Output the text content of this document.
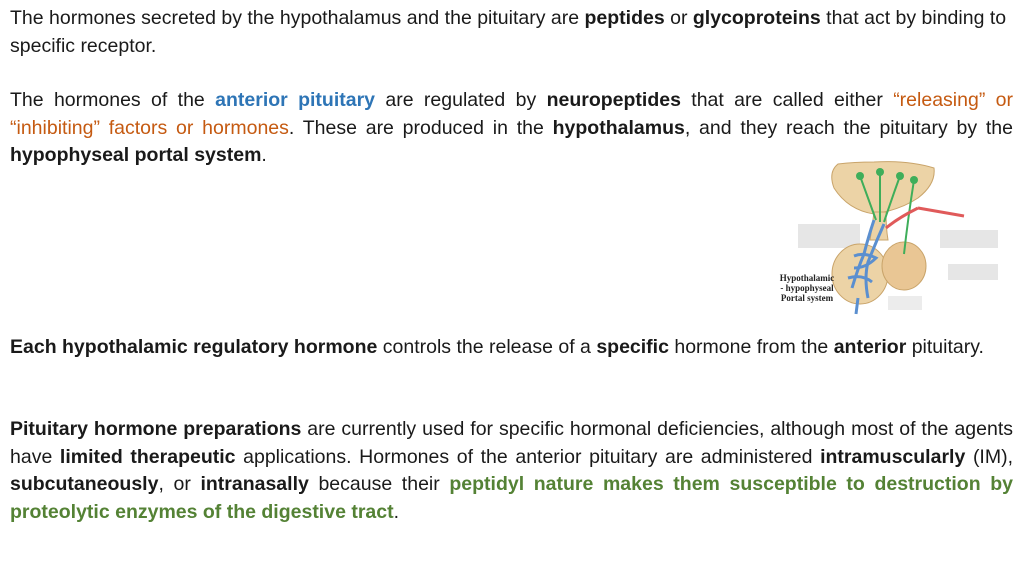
The hormones secreted by the hypothalamus and the pituitary are peptides or glycoproteins that act by binding to specific receptor.

The hormones of the anterior pituitary are regulated by neuropeptides that are called either “releasing” or “inhibiting” factors or hormones. These are produced in the hypothalamus, and they reach the pituitary by the hypophyseal portal system.

Hypothalamic
- hypophyseal
Portal system

Each hypothalamic regulatory hormone controls the release of a specific hormone from the anterior pituitary.

Pituitary hormone preparations are currently used for specific hormonal deficiencies, although most of the agents have limited therapeutic applications. Hormones of the anterior pituitary are administered intramuscularly (IM), subcutaneously, or intranasally because their peptidyl nature makes them susceptible to destruction by proteolytic enzymes of the digestive tract.
